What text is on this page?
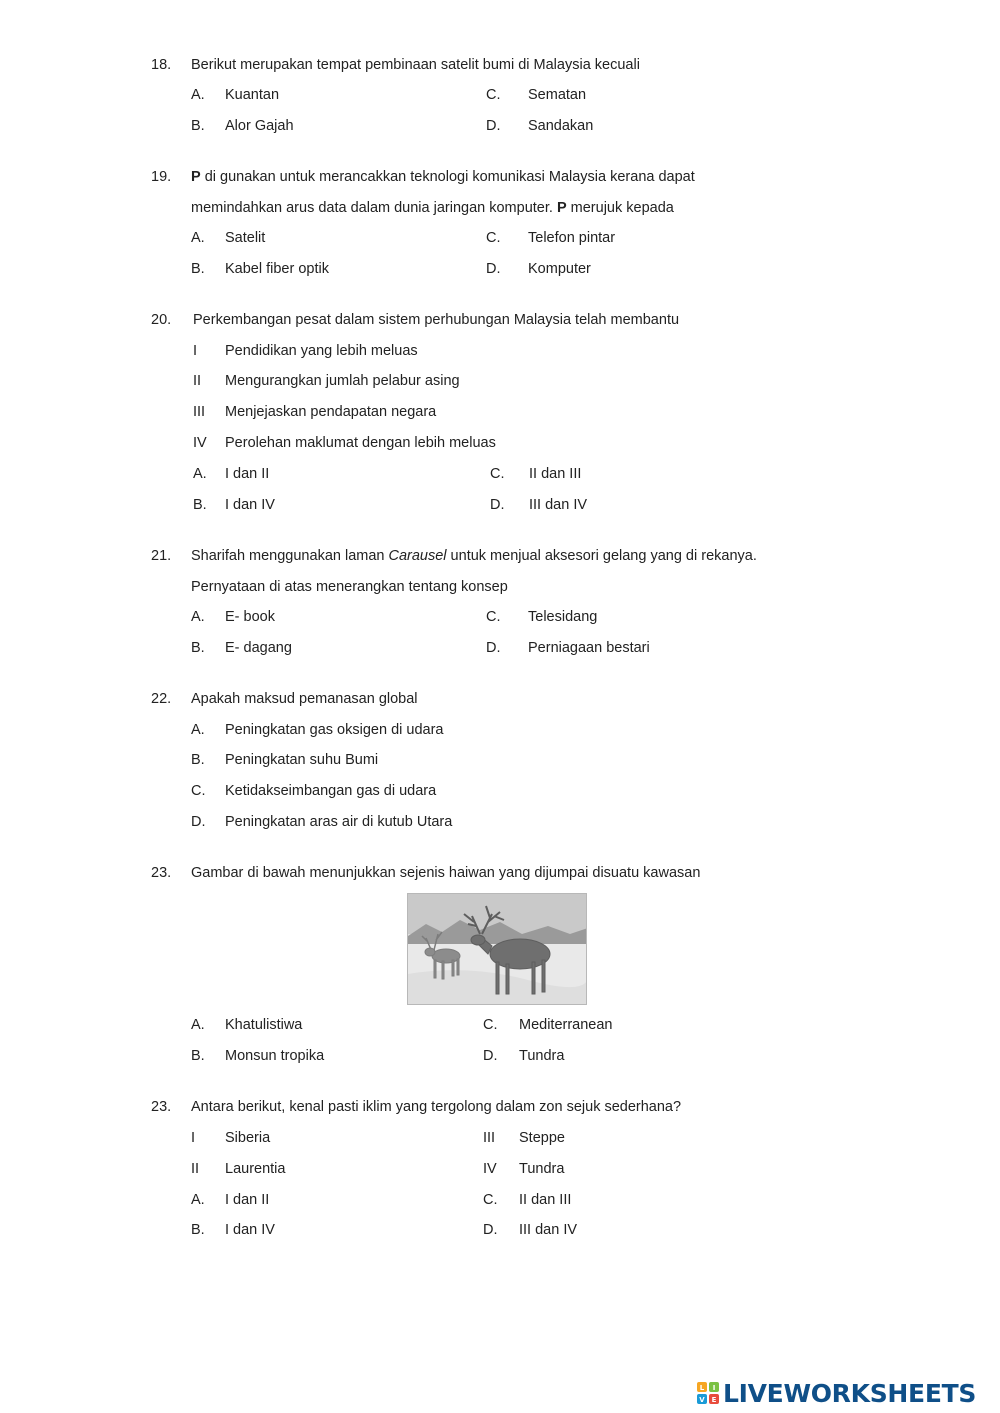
18. Berikut merupakan tempat pembinaan satelit bumi di Malaysia kecuali
A. Kuantan	C. Sematan
B. Alor Gajah	D. Sandakan
19. P di gunakan untuk merancakkan teknologi komunikasi Malaysia kerana dapat
memindahkan arus data dalam dunia jaringan komputer. P merujuk kepada
A. Satelit	C. Telefon pintar
B. Kabel fiber optik	D. Komputer
20. Perkembangan pesat dalam sistem perhubungan Malaysia telah membantu
I Pendidikan yang lebih meluas
II Mengurangkan jumlah pelabur asing
III Menjejaskan pendapatan negara
IV Perolehan maklumat dengan lebih meluas
A. I dan II	C. II dan III
B. I dan IV	D. III dan IV
21. Sharifah menggunakan laman Carausel untuk menjual aksesori gelang yang di rekanya.
Pernyataan di atas menerangkan tentang konsep
A. E- book	C. Telesidang
B. E- dagang	D. Perniagaan bestari
22. Apakah maksud pemanasan global
A. Peningkatan gas oksigen di udara
B. Peningkatan suhu Bumi
C. Ketidakseimbangan gas di udara
D. Peningkatan aras air di kutub Utara
23. Gambar di bawah menunjukkan sejenis haiwan yang dijumpai disuatu kawasan
A. Khatulistiwa	C. Mediterranean
B. Monsun tropika	D. Tundra
23. Antara berikut, kenal pasti iklim yang tergolong dalam zon sejuk sederhana?
I Siberia	III Steppe
II Laurentia	IV Tundra
A. I dan II	C. II dan III
B. I dan IV	D. III dan IV
L I
V E LIVEWORKSHEETS
